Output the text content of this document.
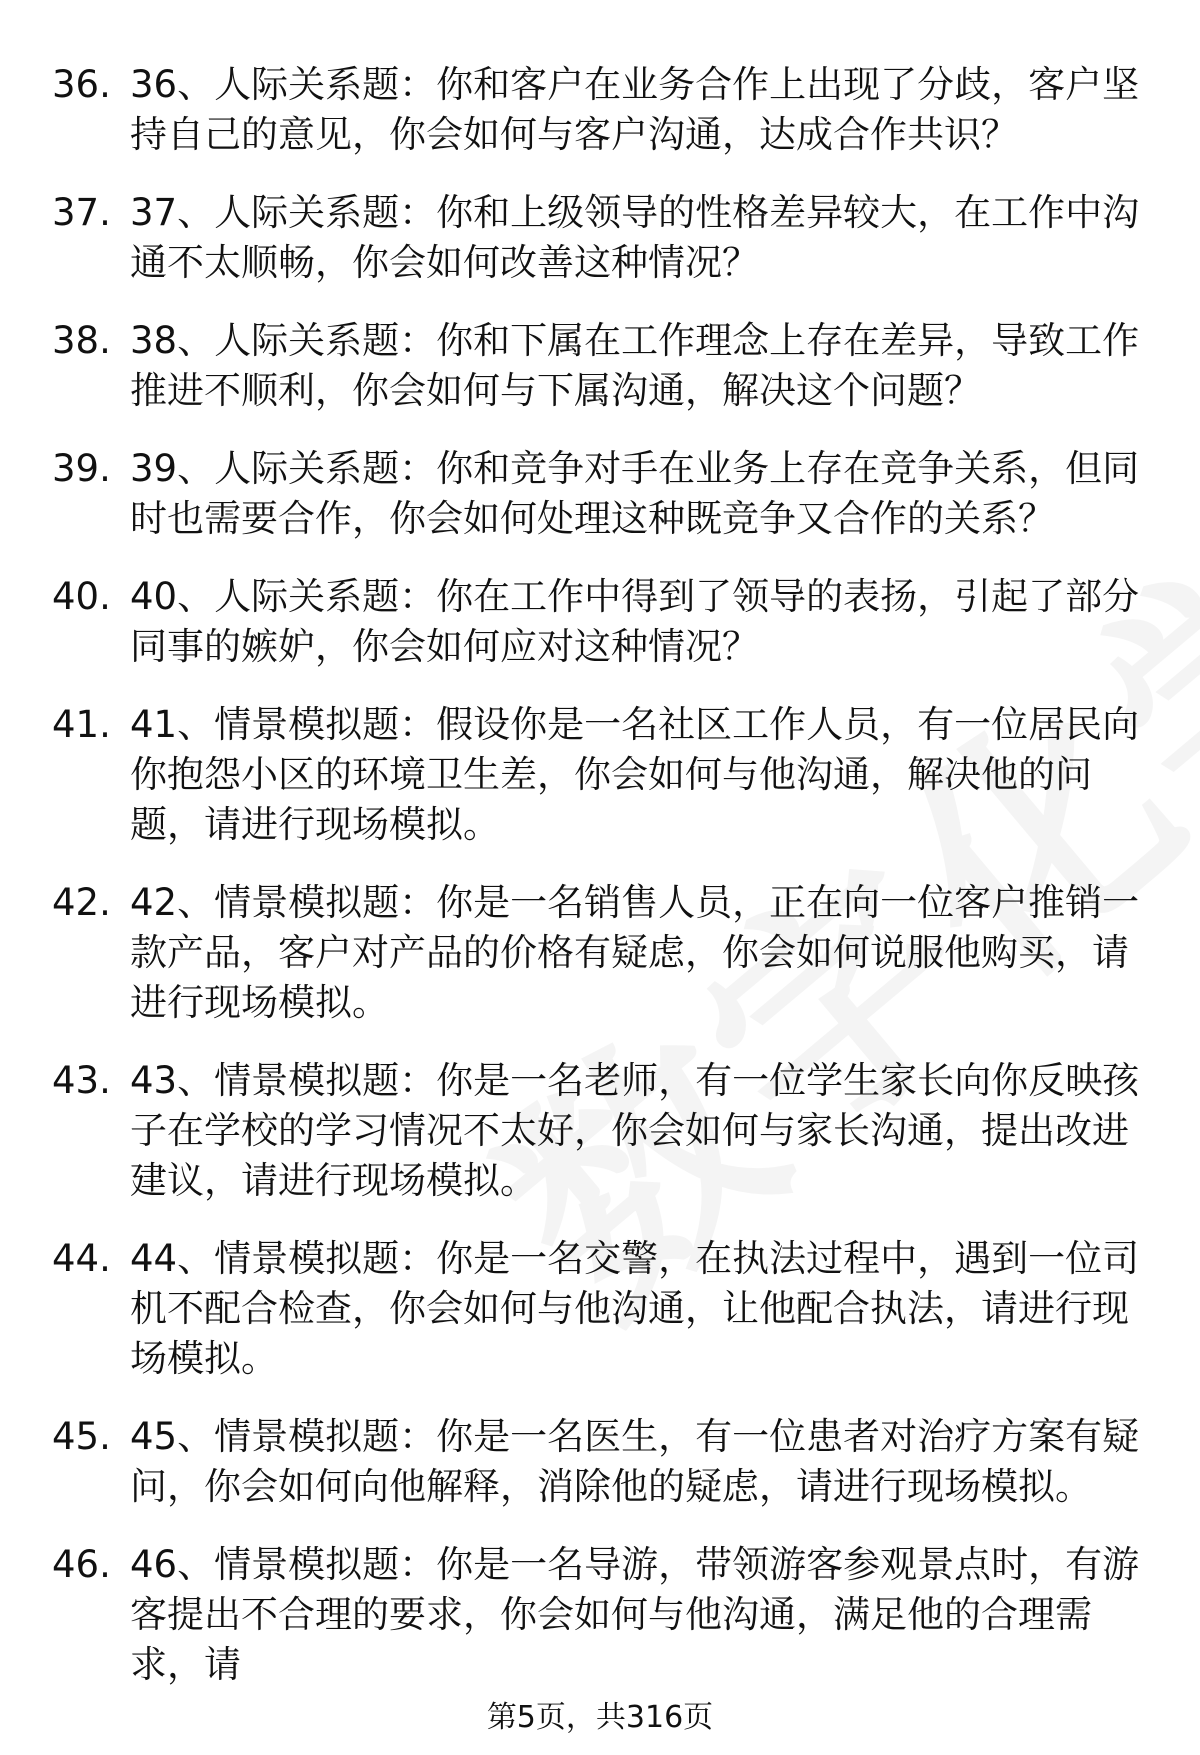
36. 36、人际关系题：你和客户在业务合作上出现了分歧，客户坚持自己的意见，你会如何与客户沟通，达成合作共识？
37. 37、人际关系题：你和上级领导的性格差异较大，在工作中沟通不太顺畅，你会如何改善这种情况？
38. 38、人际关系题：你和下属在工作理念上存在差异，导致工作推进不顺利，你会如何与下属沟通，解决这个问题？
39. 39、人际关系题：你和竞争对手在业务上存在竞争关系，但同时也需要合作，你会如何处理这种既竞争又合作的关系？
40. 40、人际关系题：你在工作中得到了领导的表扬，引起了部分同事的嫉妒，你会如何应对这种情况？
41. 41、情景模拟题：假设你是一名社区工作人员，有一位居民向你抱怨小区的环境卫生差，你会如何与他沟通，解决他的问题，请进行现场模拟。
42. 42、情景模拟题：你是一名销售人员，正在向一位客户推销一款产品，客户对产品的价格有疑虑，你会如何说服他购买，请进行现场模拟。
43. 43、情景模拟题：你是一名老师，有一位学生家长向你反映孩子在学校的学习情况不太好，你会如何与家长沟通，提出改进建议，请进行现场模拟。
44. 44、情景模拟题：你是一名交警，在执法过程中，遇到一位司机不配合检查，你会如何与他沟通，让他配合执法，请进行现场模拟。
45. 45、情景模拟题：你是一名医生，有一位患者对治疗方案有疑问，你会如何向他解释，消除他的疑虑，请进行现场模拟。
46. 46、情景模拟题：你是一名导游，带领游客参观景点时，有游客提出不合理的要求，你会如何与他沟通，满足他的合理需求，请
第5页，共316页
